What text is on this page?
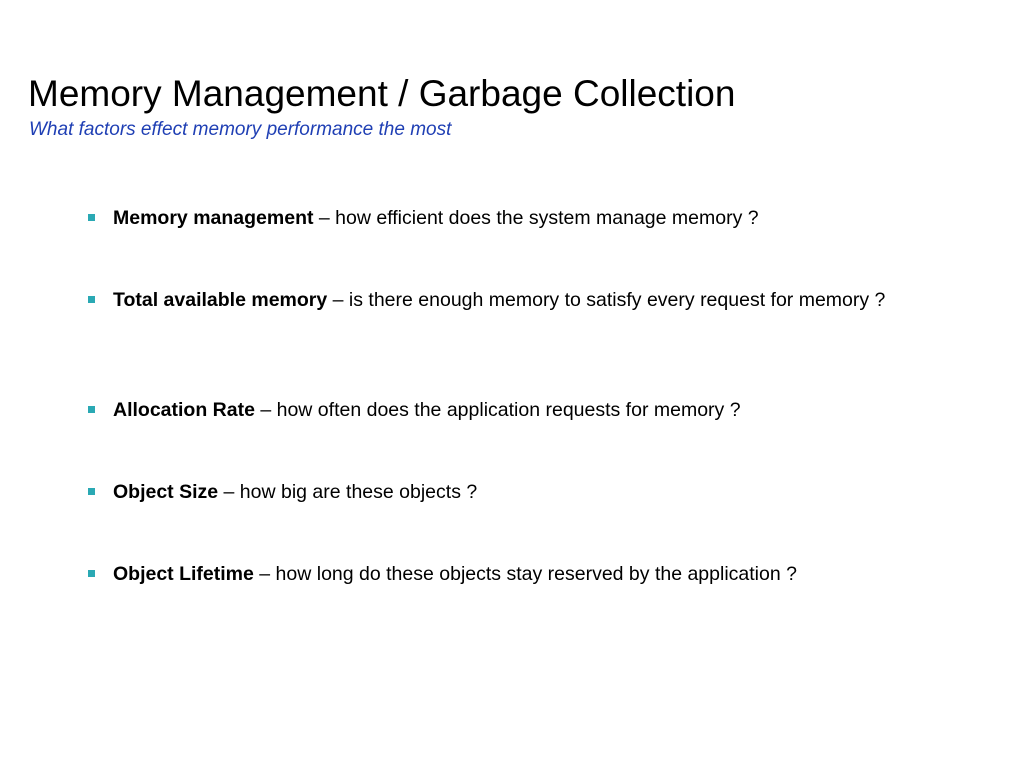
Memory Management / Garbage Collection
What factors effect memory performance the most
Memory management – how efficient does the system manage memory ?
Total available memory – is there enough memory to satisfy every request for memory ?
Allocation Rate – how often does the application requests for memory ?
Object Size – how big are these objects ?
Object Lifetime – how long do these objects stay reserved by the application ?
